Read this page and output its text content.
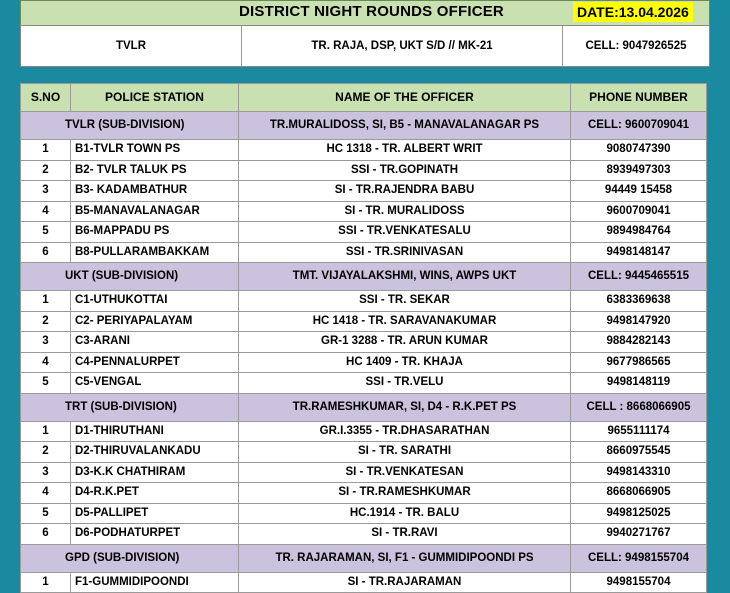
DISTRICT NIGHT ROUNDS OFFICER	DATE:13.04.2026
TVLR	TR. RAJA, DSP, UKT S/D // MK-21	CELL: 9047926525
S.NO	POLICE STATION	NAME OF THE OFFICER	PHONE NUMBER
TVLR (SUB-DIVISION)		TR.MURALIDOSS, SI, B5 - MANAVALANAGAR PS	CELL: 9600709041
1	B1-TVLR TOWN PS	HC 1318 - TR. ALBERT WRIT	9080747390
2	B2- TVLR TALUK PS	SSI - TR.GOPINATH	8939497303
3	B3- KADAMBATHUR	SI - TR.RAJENDRA BABU	94449 15458
4	B5-MANAVALANAGAR	SI - TR. MURALIDOSS	9600709041
5	B6-MAPPADU PS	SSI - TR.VENKATESALU	9894984764
6	B8-PULLARAMBAKKAM	SSI - TR.SRINIVASAN	9498148147
UKT (SUB-DIVISION)		TMT. VIJAYALAKSHMI, WINS, AWPS UKT	CELL: 9445465515
1	C1-UTHUKOTTAI	SSI - TR. SEKAR	6383369638
2	C2- PERIYAPALAYAM	HC 1418 - TR. SARAVANAKUMAR	9498147920
3	C3-ARANI	GR-1 3288 - TR. ARUN KUMAR	9884282143
4	C4-PENNALURPET	HC 1409 - TR. KHAJA	9677986565
5	C5-VENGAL	SSI - TR.VELU	9498148119
TRT (SUB-DIVISION)		TR.RAMESHKUMAR, SI, D4 - R.K.PET PS	CELL : 8668066905
1	D1-THIRUTHANI	GR.I.3355 - TR.DHASARATHAN	9655111174
2	D2-THIRUVALANKADU	SI - TR. SARATHI	8660975545
3	D3-K.K CHATHIRAM	SI - TR.VENKATESAN	9498143310
4	D4-R.K.PET	SI - TR.RAMESHKUMAR	8668066905
5	D5-PALLIPET	HC.1914 - TR. BALU	9498125025
6	D6-PODHATURPET	SI - TR.RAVI	9940271767
GPD (SUB-DIVISION)		TR. RAJARAMAN, SI, F1 - GUMMIDIPOONDI PS	CELL: 9498155704
1	F1-GUMMIDIPOONDI	SI - TR.RAJARAMAN	9498155704
